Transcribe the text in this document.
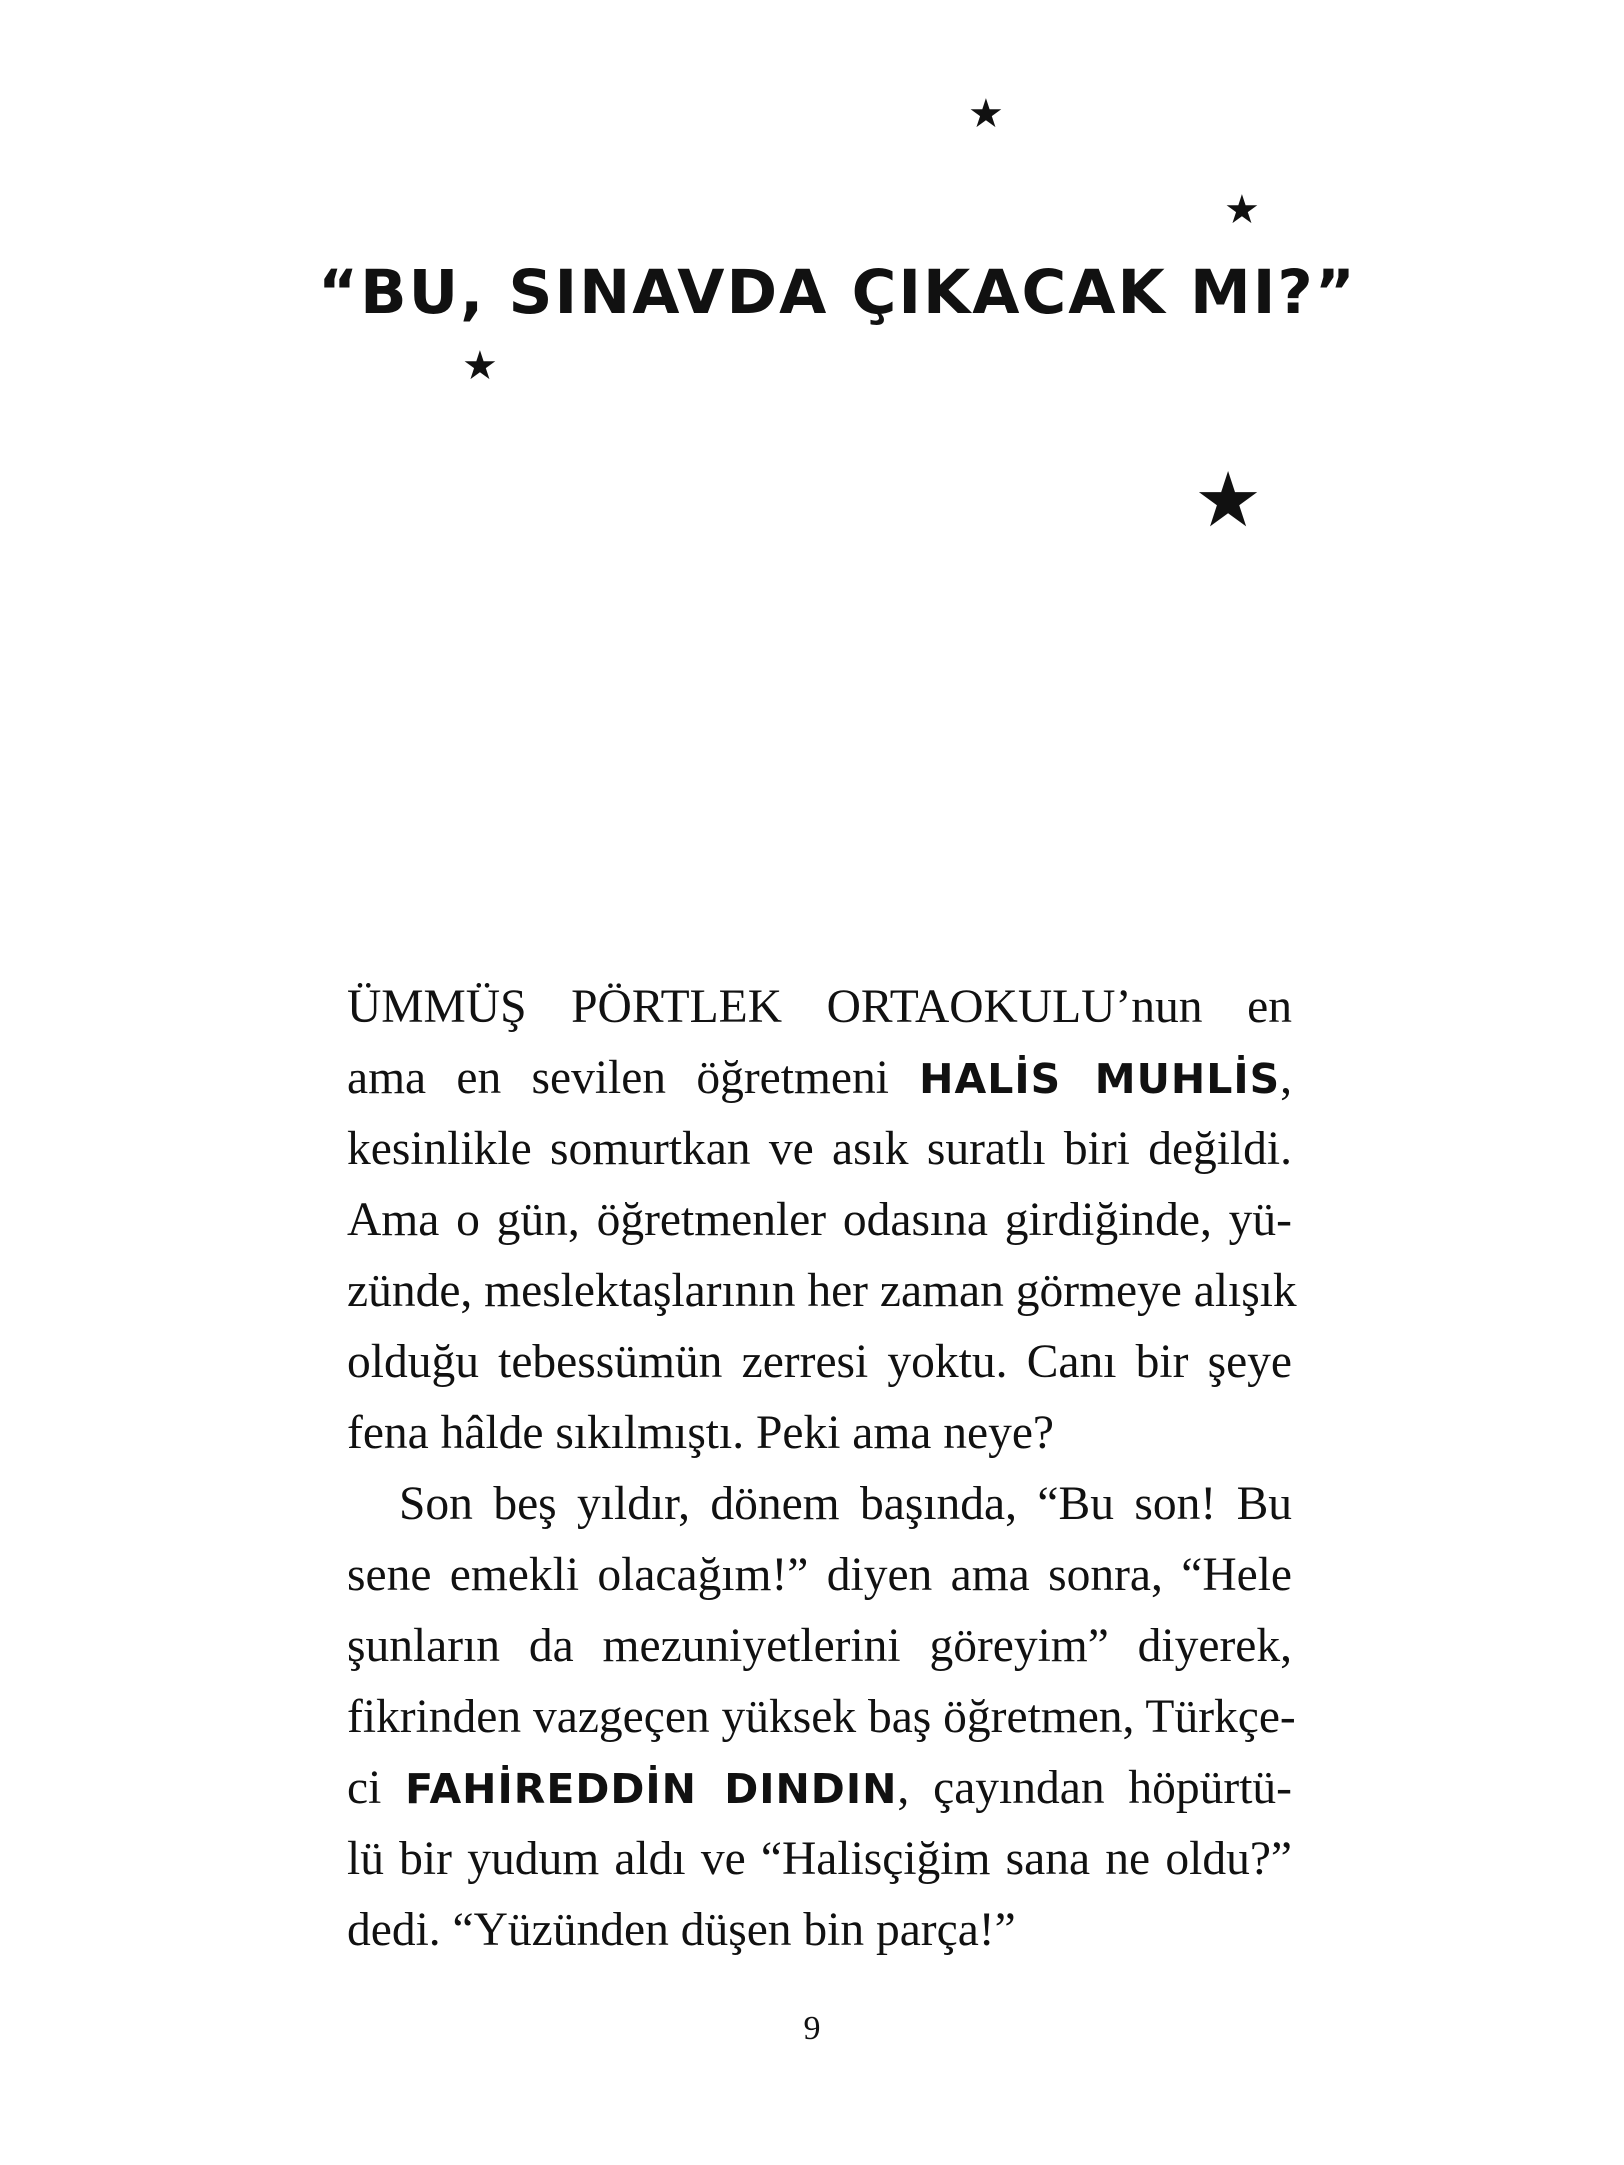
★
★
★
★
“BU, SINAVDA ÇIKACAK MI?”
ÜMMÜŞ PÖRTLEK ORTAOKULU’nun en
ama en sevilen öğretmeni HALİS MUHLİS,
kesinlikle somurtkan ve asık suratlı biri değildi.
Ama o gün, öğretmenler odasına girdiğinde, yü-
zünde, meslektaşlarının her zaman görmeye alışık
olduğu tebessümün zerresi yoktu. Canı bir şeye
fena hâlde sıkılmıştı. Peki ama neye?
Son beş yıldır, dönem başında, “Bu son! Bu
sene emekli olacağım!” diyen ama sonra, “Hele
şunların da mezuniyetlerini göreyim” diyerek,
fikrinden vazgeçen yüksek baş öğretmen, Türkçe-
ci FAHİREDDİN DINDIN, çayından höpürtü-
lü bir yudum aldı ve “Halisçiğim sana ne oldu?”
dedi. “Yüzünden düşen bin parça!”
9
